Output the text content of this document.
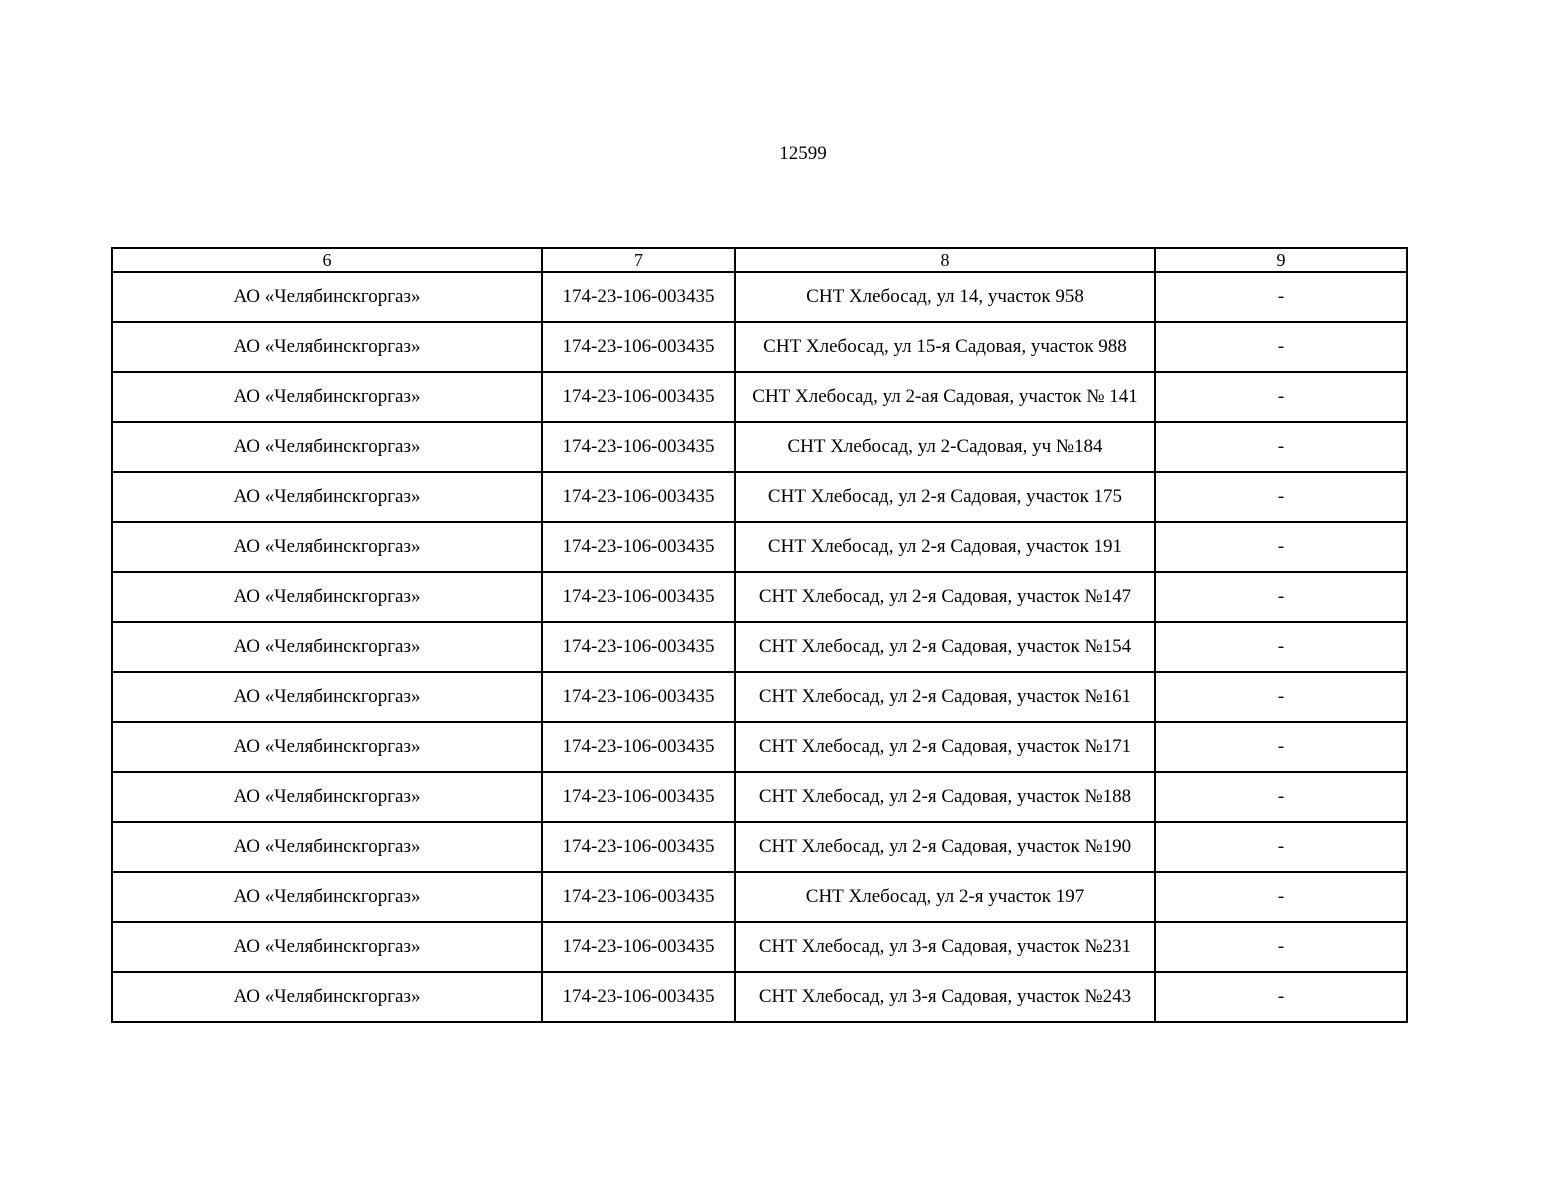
12599
6	7	8	9
АО «Челябинскгоргаз»	174-23-106-003435	СНТ Хлебосад, ул 14, участок 958	-
АО «Челябинскгоргаз»	174-23-106-003435	СНТ Хлебосад, ул 15-я Садовая, участок 988	-
АО «Челябинскгоргаз»	174-23-106-003435	СНТ Хлебосад, ул 2-ая Садовая, участок № 141	-
АО «Челябинскгоргаз»	174-23-106-003435	СНТ Хлебосад, ул 2-Садовая, уч №184	-
АО «Челябинскгоргаз»	174-23-106-003435	СНТ Хлебосад, ул 2-я Садовая, участок 175	-
АО «Челябинскгоргаз»	174-23-106-003435	СНТ Хлебосад, ул 2-я Садовая, участок 191	-
АО «Челябинскгоргаз»	174-23-106-003435	СНТ Хлебосад, ул 2-я Садовая, участок №147	-
АО «Челябинскгоргаз»	174-23-106-003435	СНТ Хлебосад, ул 2-я Садовая, участок №154	-
АО «Челябинскгоргаз»	174-23-106-003435	СНТ Хлебосад, ул 2-я Садовая, участок №161	-
АО «Челябинскгоргаз»	174-23-106-003435	СНТ Хлебосад, ул 2-я Садовая, участок №171	-
АО «Челябинскгоргаз»	174-23-106-003435	СНТ Хлебосад, ул 2-я Садовая, участок №188	-
АО «Челябинскгоргаз»	174-23-106-003435	СНТ Хлебосад, ул 2-я Садовая, участок №190	-
АО «Челябинскгоргаз»	174-23-106-003435	СНТ Хлебосад, ул 2-я участок 197	-
АО «Челябинскгоргаз»	174-23-106-003435	СНТ Хлебосад, ул 3-я Садовая, участок №231	-
АО «Челябинскгоргаз»	174-23-106-003435	СНТ Хлебосад, ул 3-я Садовая, участок №243	-
